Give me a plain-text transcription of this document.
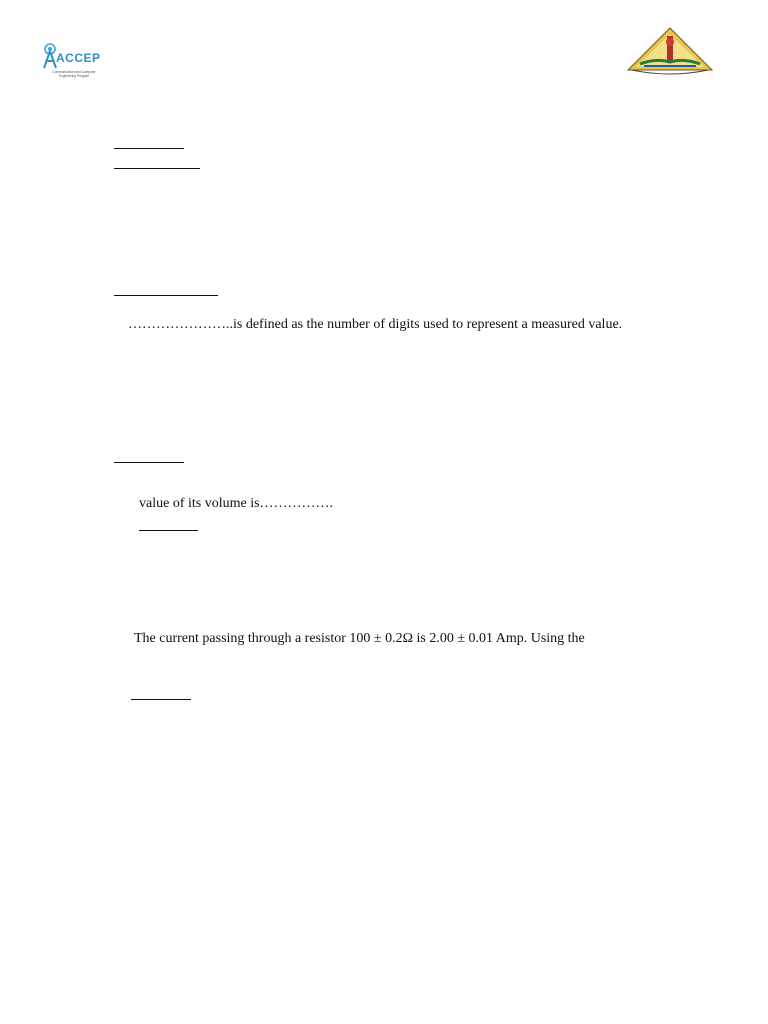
ACCEP
Communication and Computer Engineering Program
…………………..is defined as the number of digits used to represent a measured value.
value of its volume is…………….
The current passing through a resistor 100 ± 0.2Ω is 2.00 ± 0.01 Amp. Using the
